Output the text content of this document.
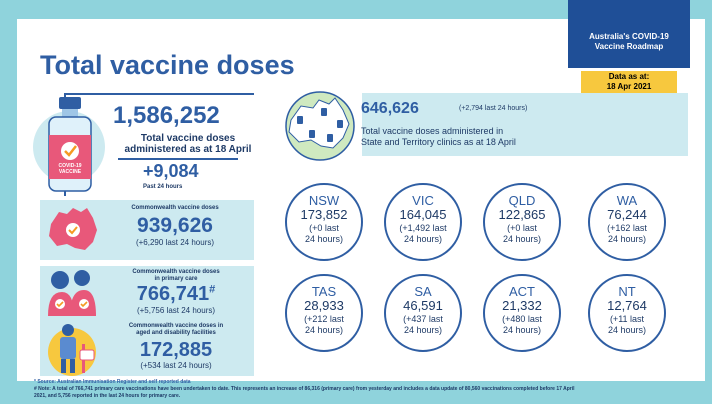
Total vaccine doses
Australia's COVID-19
Vaccine Roadmap
Data as at:
18 Apr 2021
COVID-19
VACCINE
1,586,252
Total vaccine doses
administered as at 18 April
+9,084
Past 24 hours
Commonwealth vaccine doses
939,626
(+6,290 last 24 hours)
Commonwealth vaccine doses
in primary care
766,741#
(+5,756 last 24 hours)
Commonwealth vaccine doses in
aged and disability facilities
172,885
(+534 last 24 hours)
646,626	(+2,794 last 24 hours)
Total vaccine doses administered in
State and Territory clinics as at 18 April
NSW
173,852
(+0 last
24 hours)
VIC
164,045
(+1,492 last
24 hours)
QLD
122,865
(+0 last
24 hours)
WA
76,244
(+162 last
24 hours)
TAS
28,933
(+212 last
24 hours)
SA
46,591
(+437 last
24 hours)
ACT
21,332
(+480 last
24 hours)
NT
12,764
(+11 last
24 hours)
* Source: Australian Immunisation Register and self reported data
# Note: A total of 766,741 primary care vaccinations have been undertaken to date. This represents an increase of 86,316 (primary care) from yesterday and includes a data update of 80,560 vaccinations completed before 17 April
2021, and 5,756 reported in the last 24 hours for primary care.
